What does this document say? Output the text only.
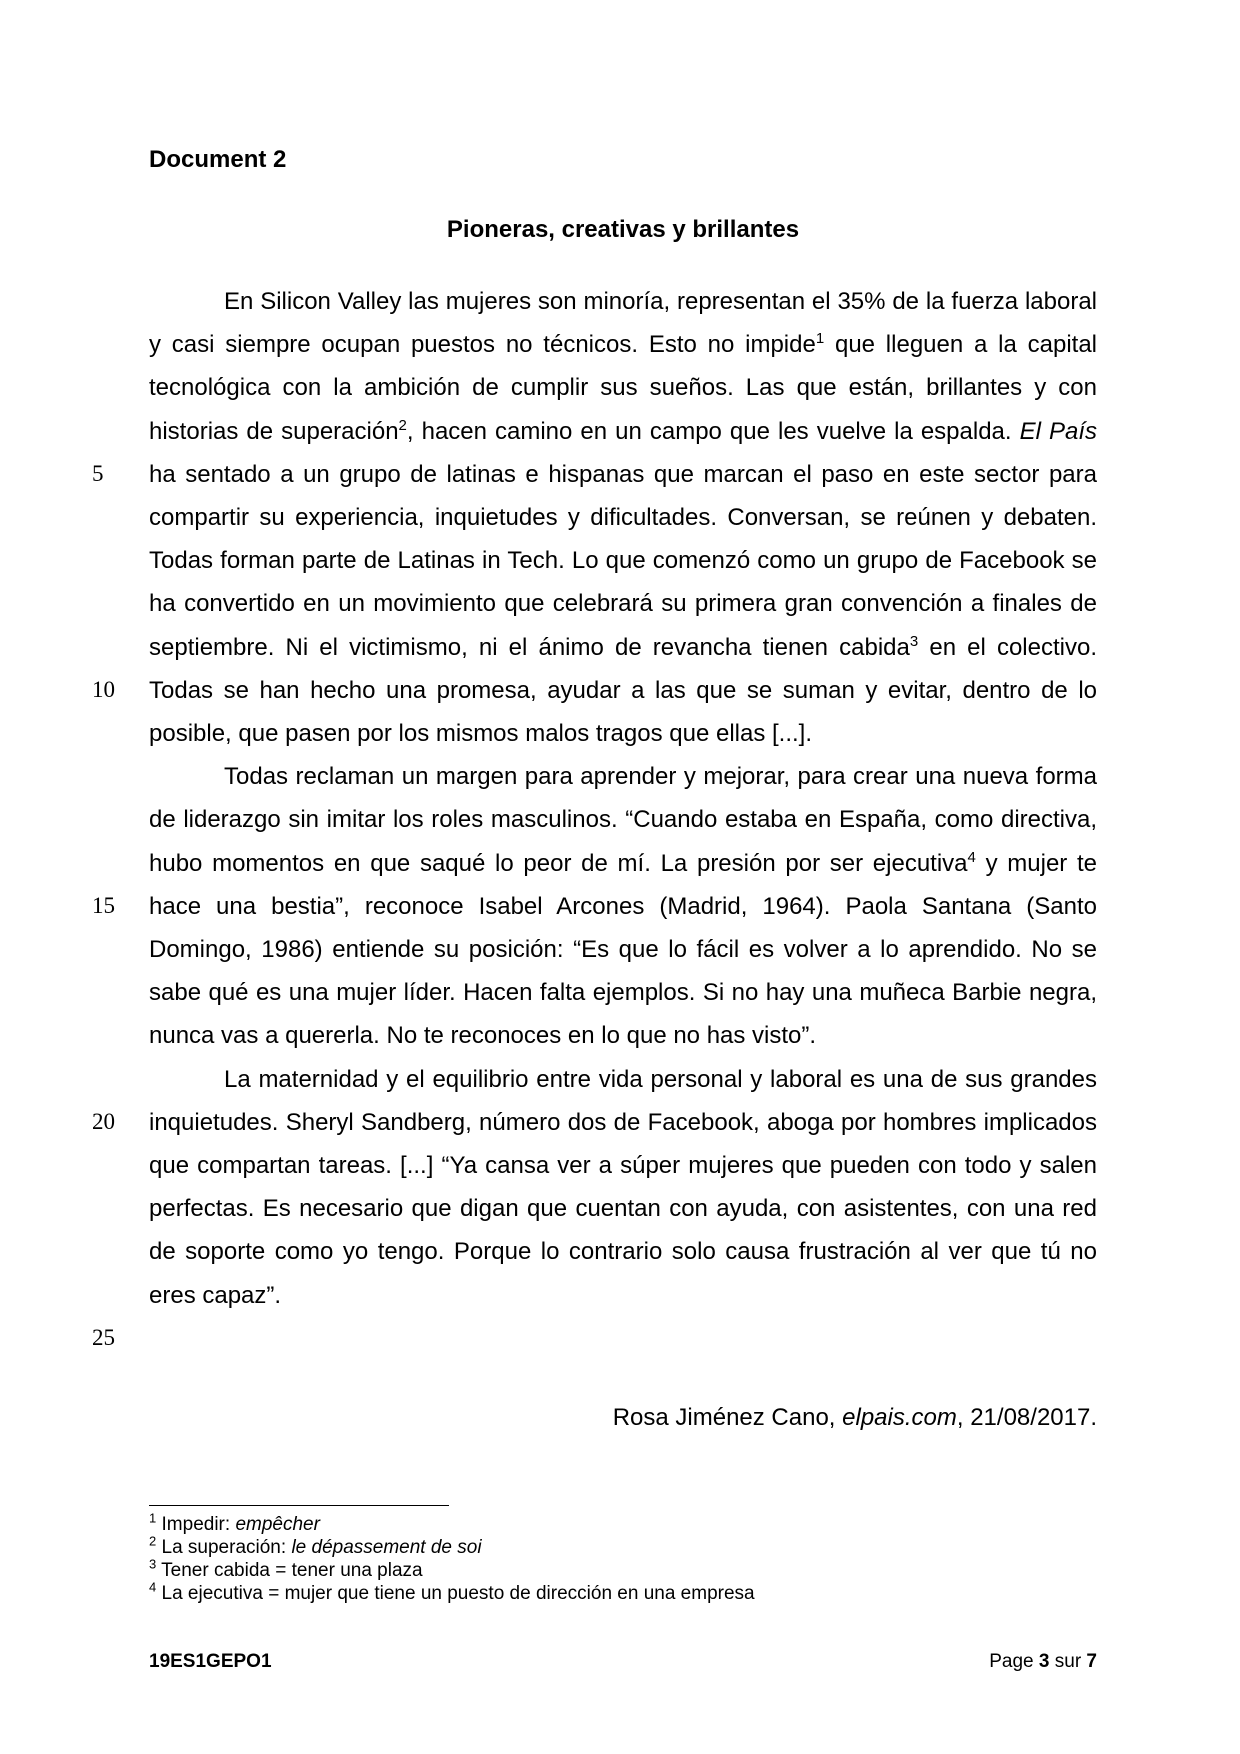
Document 2
Pioneras, creativas y brillantes

En Silicon Valley las mujeres son minoría, representan el 35% de la fuerza laboral y casi siempre ocupan puestos no técnicos. Esto no impide$^1$ que lleguen a la capital tecnológica con la ambición de cumplir sus sueños. Las que están, brillantes y con historias de superación$^2$, hacen camino en un campo que les vuelve la espalda. El País ha sentado a un grupo de latinas e hispanas que marcan el paso en este sector para compartir su experiencia, inquietudes y dificultades. Conversan, se reúnen y debaten. Todas forman parte de Latinas in Tech. Lo que comenzó como un grupo de Facebook se ha convertido en un movimiento que celebrará su primera gran convención a finales de septiembre. Ni el victimismo, ni el ánimo de revancha tienen cabida$^3$ en el colectivo. Todas se han hecho una promesa, ayudar a las que se suman y evitar, dentro de lo posible, que pasen por los mismos malos tragos que ellas [...].

Todas reclaman un margen para aprender y mejorar, para crear una nueva forma de liderazgo sin imitar los roles masculinos. “Cuando estaba en España, como directiva, hubo momentos en que saqué lo peor de mí. La presión por ser ejecutiva$^4$ y mujer te hace una bestia”, reconoce Isabel Arcones (Madrid, 1964). Paola Santana (Santo Domingo, 1986) entiende su posición: “Es que lo fácil es volver a lo aprendido. No se sabe qué es una mujer líder. Hacen falta ejemplos. Si no hay una muñeca Barbie negra, nunca vas a quererla. No te reconoces en lo que no has visto”.

La maternidad y el equilibrio entre vida personal y laboral es una de sus grandes inquietudes. Sheryl Sandberg, número dos de Facebook, aboga por hombres implicados que compartan tareas. [...] “Ya cansa ver a súper mujeres que pueden con todo y salen perfectas. Es necesario que digan que cuentan con ayuda, con asistentes, con una red de soporte como yo tengo. Porque lo contrario solo causa frustración al ver que tú no eres capaz”.

5
10
15
20
25
Rosa Jiménez Cano, elpais.com, 21/08/2017.
$^1$ Impedir: empêcher
$^2$ La superación: le dépassement de soi
$^3$ Tener cabida = tener una plaza
$^4$ La ejecutiva = mujer que tiene un puesto de dirección en una empresa
19ES1GEPO1	Page 3 sur 7
